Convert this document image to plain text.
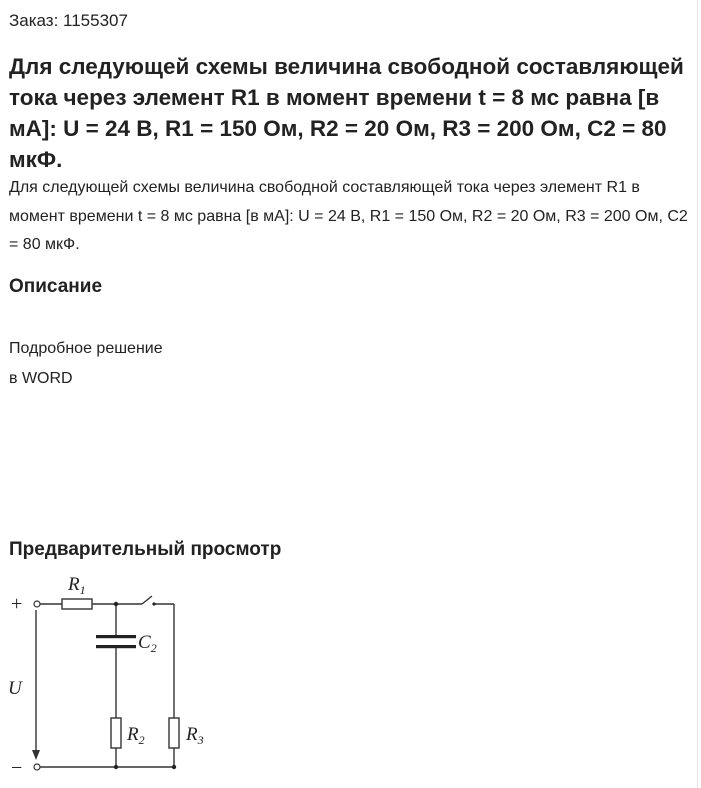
Заказ: 1155307
Для следующей схемы величина свободной составляющей тока через элемент R1 в момент времени t = 8 мс равна [в мА]: U = 24 В, R1 = 150 Ом, R2 = 20 Ом, R3 = 200 Ом, С2 = 80 мкФ.

Для следующей схемы величина свободной составляющей тока через элемент R1 в момент времени t = 8 мс равна [в мА]: U = 24 В, R1 = 150 Ом, R2 = 20 Ом, R3 = 200 Ом, С2 = 80 мкФ.

Описание
Подробное решение
в WORD
Предварительный просмотр
+
−
U
$R_1$
$C_2$
$R_2$ $R_3$
